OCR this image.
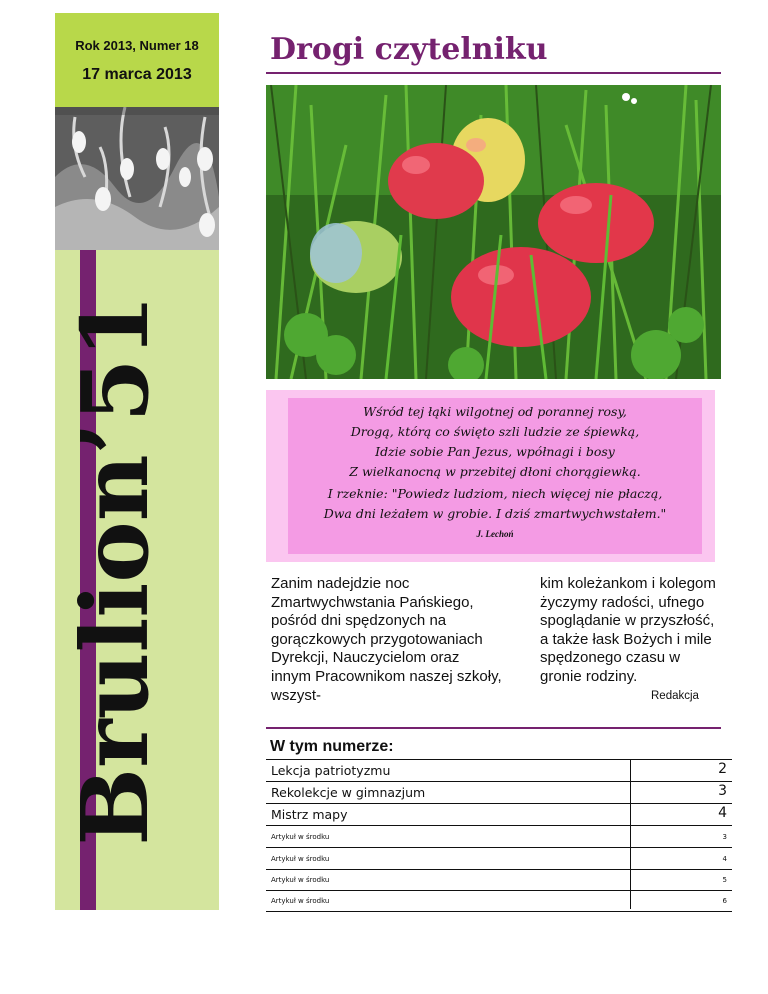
Rok 2013, Numer 18
17 marca 2013
Brulion’51
Drogi czytelniku
Wśród tej łąki wilgotnej od porannej rosy,
Drogą, którą co święto szli ludzie ze śpiewką,
Idzie sobie Pan Jezus, wpółnagi i bosy
Z wielkanocną w przebitej dłoni chorągiewką.
I rzeknie: "Powiedz ludziom, niech więcej nie płaczą,
Dwa dni leżałem w grobie. I dziś zmartwychwstałem."
J. Lechoń
Zanim nadejdzie noc Zmartwychwstania Pańskiego, pośród dni spędzonych na gorączkowych przygotowaniach Dyrekcji, Nauczycielom oraz innym Pracownikom naszej szkoły, wszyst-
kim koleżankom i kolegom życzymy radości, ufnego spoglądanie w przyszłość, a także łask Bożych i mile spędzonego czasu w gronie rodziny.
Redakcja
W tym numerze:
Lekcja patriotyzmu	2
Rekolekcje w gimnazjum	3
Mistrz mapy	4
Artykuł w środku	3
Artykuł w środku	4
Artykuł w środku	5
Artykuł w środku	6
